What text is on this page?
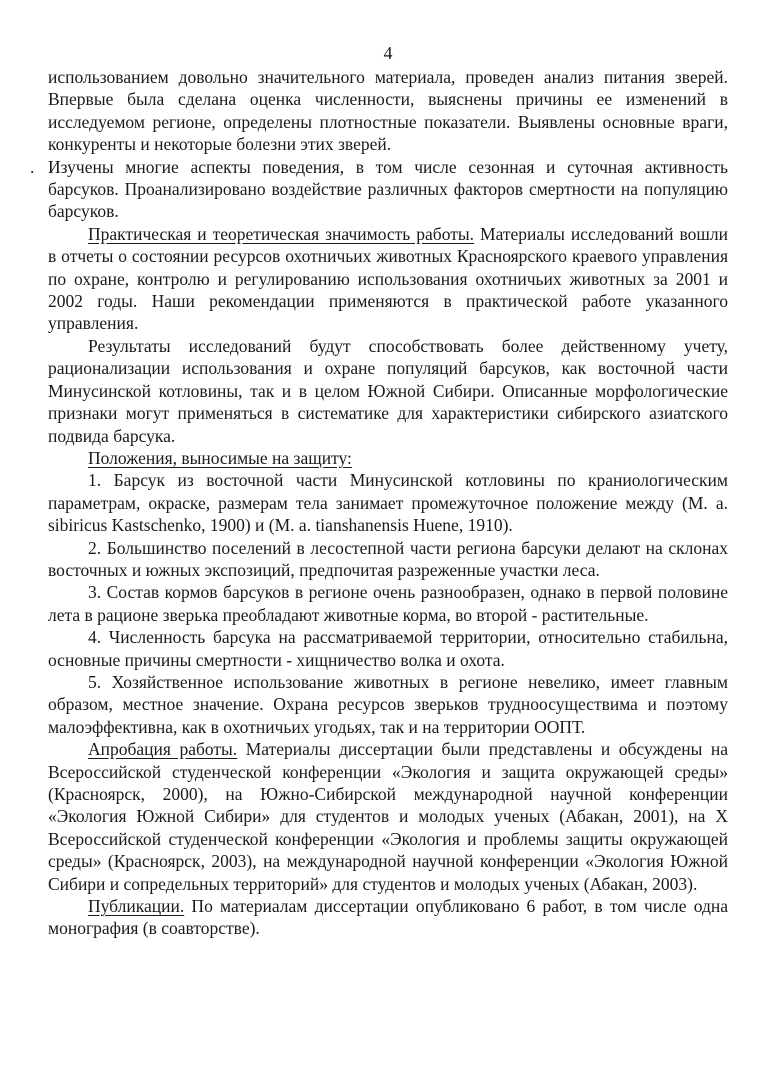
4

использованием довольно значительного материала, проведен анализ питания зверей. Впервые была сделана оценка численности, выяснены причины ее изменений в исследуемом регионе, определены плотностные показатели. Выявлены основные враги, конкуренты и некоторые болезни этих зверей.

. Изучены многие аспекты поведения, в том числе сезонная и суточная активность барсуков. Проанализировано воздействие различных факторов смертности на популяцию барсуков.

Практическая и теоретическая значимость работы. Материалы исследований вошли в отчеты о состоянии ресурсов охотничьих животных Красноярского краевого управления по охране, контролю и регулированию использования охотничьих животных за 2001 и 2002 годы. Наши рекомендации применяются в практической работе указанного управления.

Результаты исследований будут способствовать более действенному учету, рационализации использования и охране популяций барсуков, как восточной части Минусинской котловины, так и в целом Южной Сибири. Описанные морфологические признаки могут применяться в систематике для характеристики сибирского азиатского подвида барсука.

Положения, выносимые на защиту:

1. Барсук из восточной части Минусинской котловины по краниологическим параметрам, окраске, размерам тела занимает промежуточное положение между (M. a. sibiricus Kastschenko, 1900) и (M. a. tianshanensis Huene, 1910).

2. Большинство поселений в лесостепной части региона барсуки делают на склонах восточных и южных экспозиций, предпочитая разреженные участки леса.

3. Состав кормов барсуков в регионе очень разнообразен, однако в первой половине лета в рационе зверька преобладают животные корма, во второй - растительные.

4. Численность барсука на рассматриваемой территории, относительно стабильна, основные причины смертности - хищничество волка и охота.

5. Хозяйственное использование животных в регионе невелико, имеет главным образом, местное значение. Охрана ресурсов зверьков трудноосуществима и поэтому малоэффективна, как в охотничьих угодьях, так и на территории ООПТ.

Апробация работы. Материалы диссертации были представлены и обсуждены на Всероссийской студенческой конференции «Экология и защита окружающей среды» (Красноярск, 2000), на Южно-Сибирской международной научной конференции «Экология Южной Сибири» для студентов и молодых ученых (Абакан, 2001), на X Всероссийской студенческой конференции «Экология и проблемы защиты окружающей среды» (Красноярск, 2003), на международной научной конференции «Экология Южной Сибири и сопредельных территорий» для студентов и молодых ученых (Абакан, 2003).

Публикации. По материалам диссертации опубликовано 6 работ, в том числе одна монография (в соавторстве).
